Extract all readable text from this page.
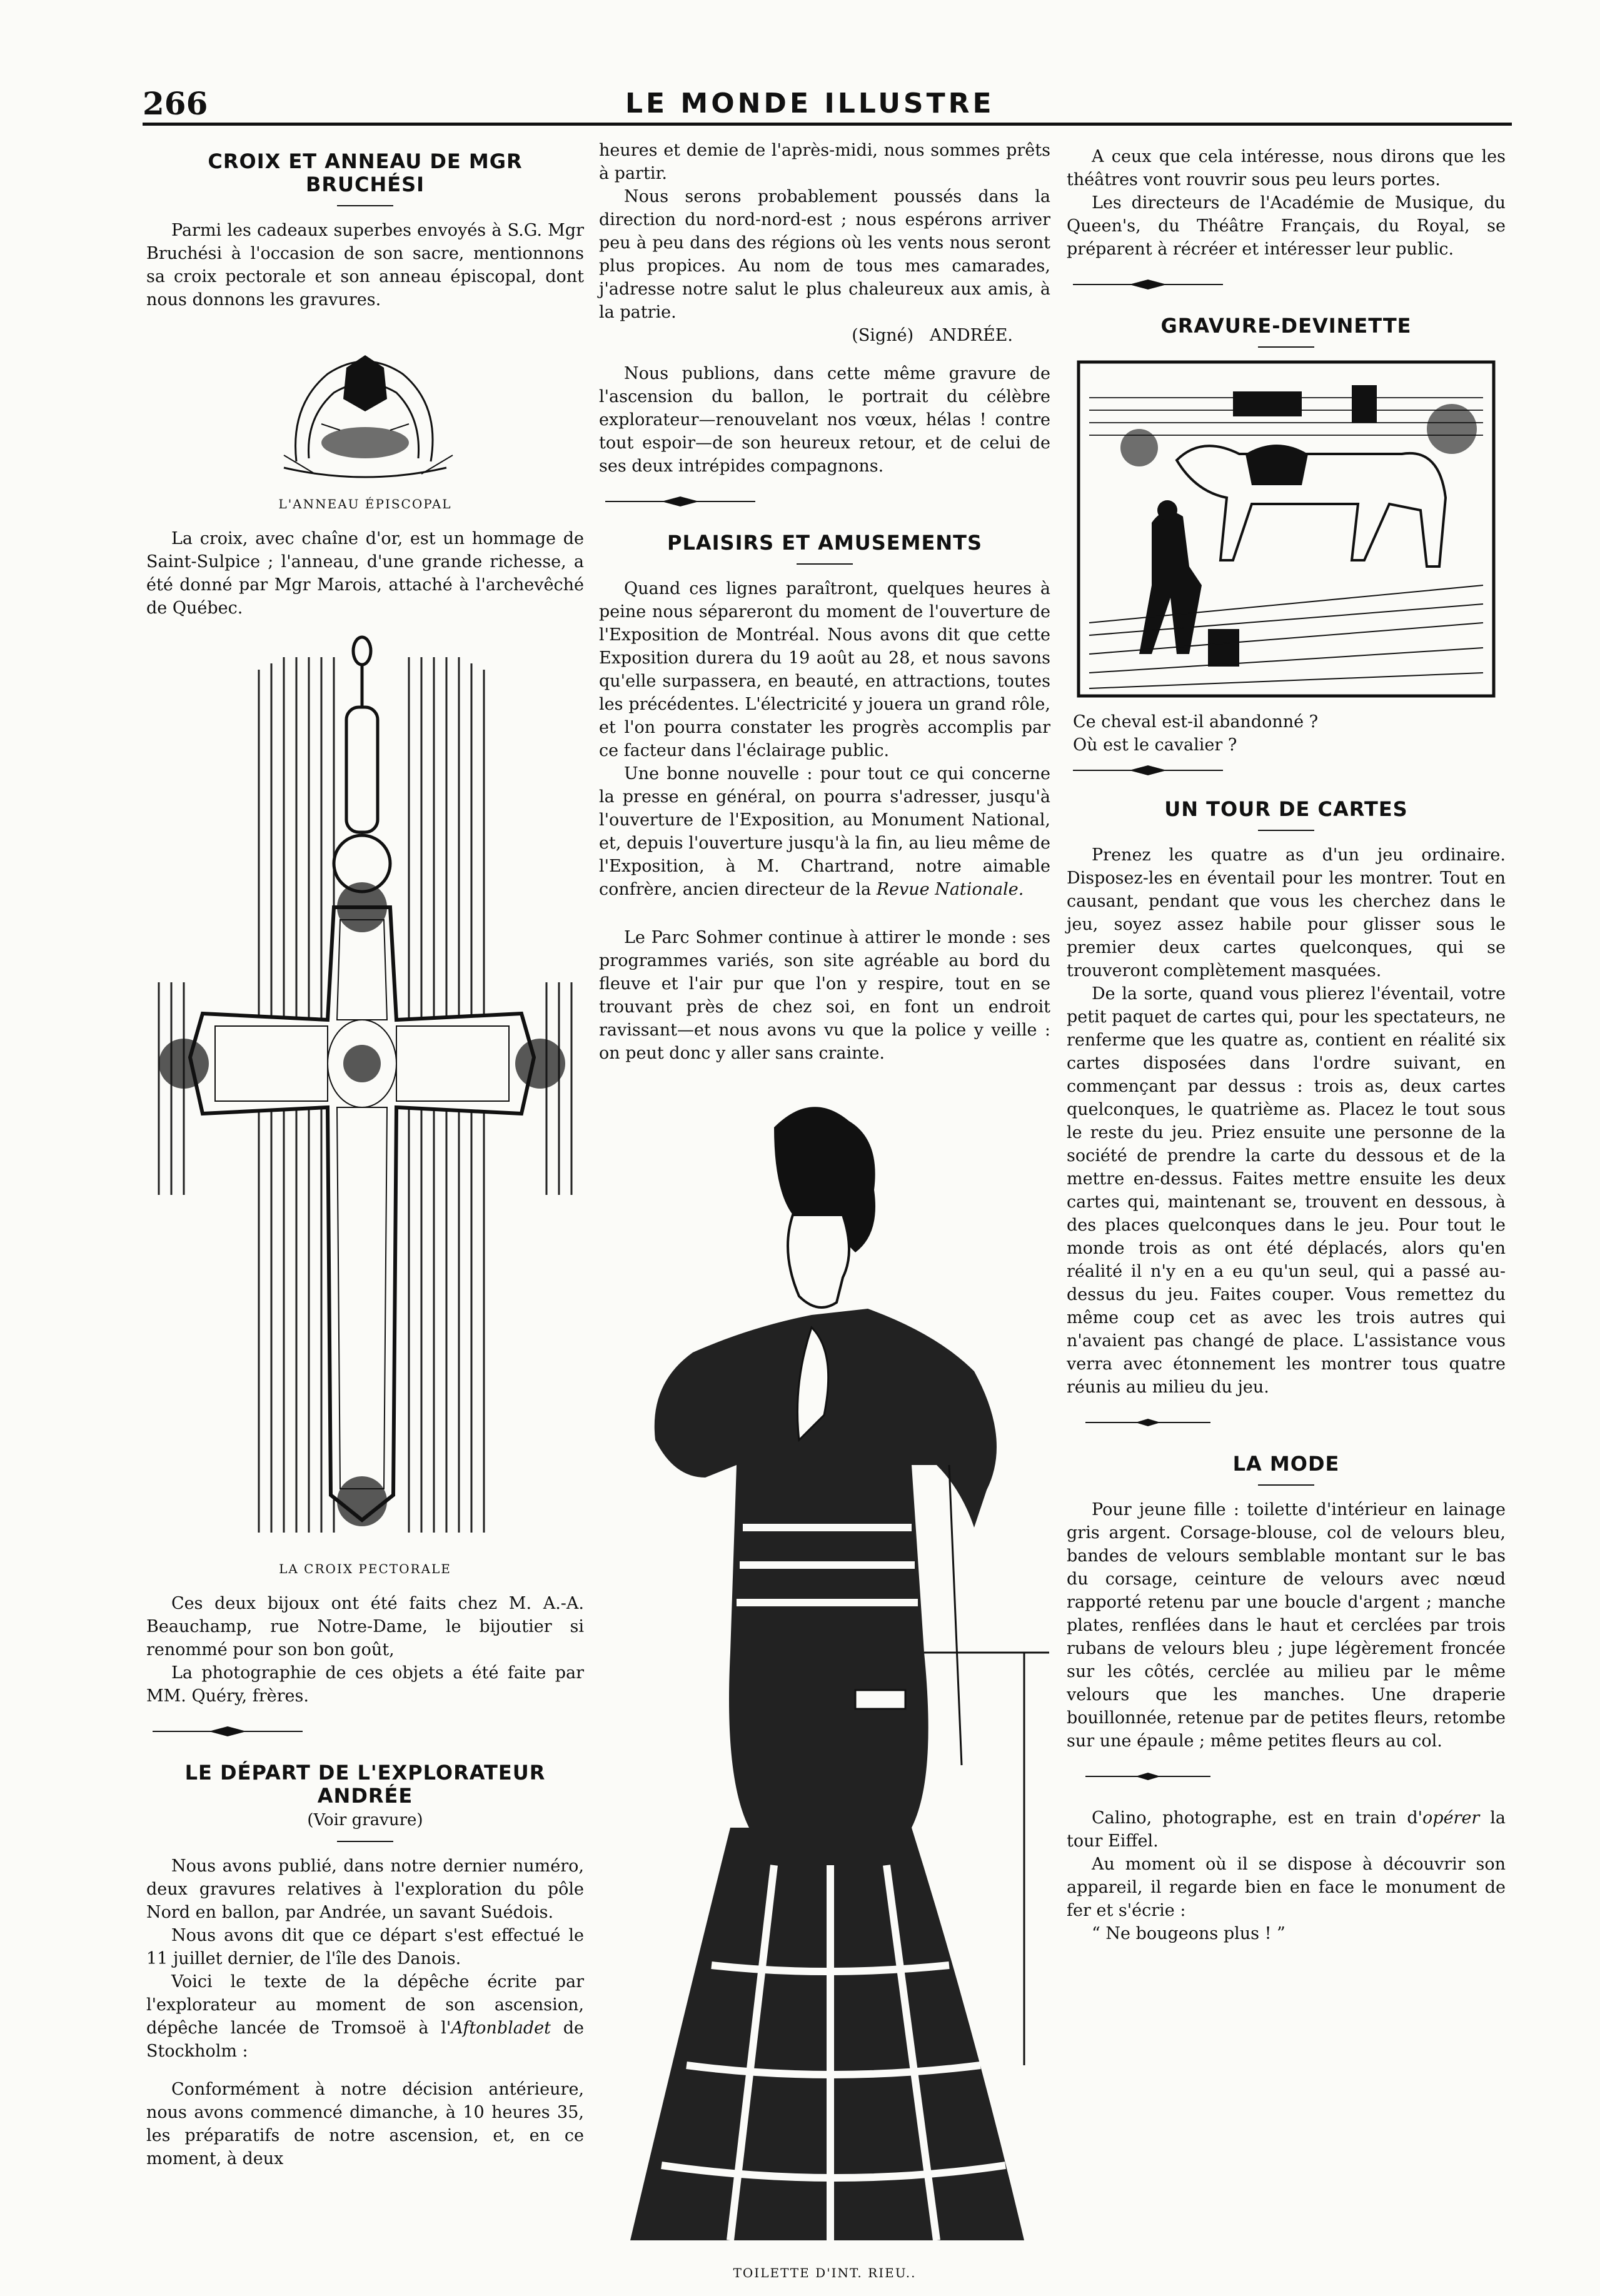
266	LE MONDE ILLUSTRE
CROIX ET ANNEAU DE MGR BRUCHÉSI

Parmi les cadeaux superbes envoyés à S.G. Mgr Bruchési à l'occasion de son sacre, mentionnons sa croix pectorale et son anneau épiscopal, dont nous donnons les gravures.

L'ANNEAU ÉPISCOPAL

La croix, avec chaîne d'or, est un hommage de Saint-Sulpice ; l'anneau, d'une grande richesse, a été donné par Mgr Marois, attaché à l'archevêché de Québec.

LA CROIX PECTORALE

Ces deux bijoux ont été faits chez M. A.-A. Beauchamp, rue Notre-Dame, le bijoutier si renommé pour son bon goût,

La photographie de ces objets a été faite par MM. Quéry, frères.

LE DÉPART DE L'EXPLORATEUR ANDRÉE
(Voir gravure)

Nous avons publié, dans notre dernier numéro, deux gravures relatives à l'exploration du pôle Nord en ballon, par Andrée, un savant Suédois.

Nous avons dit que ce départ s'est effectué le 11 juillet dernier, de l'île des Danois.

Voici le texte de la dépêche écrite par l'explorateur au moment de son ascension, dépêche lancée de Tromsoë à l'Aftonbladet de Stockholm :

Conformément à notre décision antérieure, nous avons commencé dimanche, à 10 heures 35, les préparatifs de notre ascension, et, en ce moment, à deux

heures et demie de l'après-midi, nous sommes prêts à partir.

Nous serons probablement poussés dans la direction du nord-nord-est ; nous espérons arriver peu à peu dans des régions où les vents nous seront plus propices. Au nom de tous mes camarades, j'adresse notre salut le plus chaleureux aux amis, à la patrie.

(Signé) ANDRÉE.

Nous publions, dans cette même gravure de l'ascension du ballon, le portrait du célèbre explorateur—renouvelant nos vœux, hélas ! contre tout espoir—de son heureux retour, et de celui de ses deux intrépides compagnons.

PLAISIRS ET AMUSEMENTS

Quand ces lignes paraîtront, quelques heures à peine nous sépareront du moment de l'ouverture de l'Exposition de Montréal. Nous avons dit que cette Exposition durera du 19 août au 28, et nous savons qu'elle surpassera, en beauté, en attractions, toutes les précédentes. L'électricité y jouera un grand rôle, et l'on pourra constater les progrès accomplis par ce facteur dans l'éclairage public.

Une bonne nouvelle : pour tout ce qui concerne la presse en général, on pourra s'adresser, jusqu'à l'ouverture de l'Exposition, au Monument National, et, depuis l'ouverture jusqu'à la fin, au lieu même de l'Exposition, à M. Chartrand, notre aimable confrère, ancien directeur de la Revue Nationale.

Le Parc Sohmer continue à attirer le monde : ses programmes variés, son site agréable au bord du fleuve et l'air pur que l'on y respire, tout en se trouvant près de chez soi, en font un endroit ravissant—et nous avons vu que la police y veille : on peut donc y aller sans crainte.

TOILETTE D'INT. RIEU..

A ceux que cela intéresse, nous dirons que les théâtres vont rouvrir sous peu leurs portes.

Les directeurs de l'Académie de Musique, du Queen's, du Théâtre Français, du Royal, se préparent à récréer et intéresser leur public.

GRAVURE-DEVINETTE

Ce cheval est-il abandonné ?

Où est le cavalier ?

UN TOUR DE CARTES

Prenez les quatre as d'un jeu ordinaire. Disposez-les en éventail pour les montrer. Tout en causant, pendant que vous les cherchez dans le jeu, soyez assez habile pour glisser sous le premier deux cartes quelconques, qui se trouveront complètement masquées.

De la sorte, quand vous plierez l'éventail, votre petit paquet de cartes qui, pour les spectateurs, ne renferme que les quatre as, contient en réalité six cartes disposées dans l'ordre suivant, en commençant par dessus : trois as, deux cartes quelconques, le quatrième as. Placez le tout sous le reste du jeu. Priez ensuite une personne de la société de prendre la carte du dessous et de la mettre en-dessus. Faites mettre ensuite les deux cartes qui, maintenant se, trouvent en dessous, à des places quelconques dans le jeu. Pour tout le monde trois as ont été déplacés, alors qu'en réalité il n'y en a eu qu'un seul, qui a passé au-dessus du jeu. Faites couper. Vous remettez du même coup cet as avec les trois autres qui n'avaient pas changé de place. L'assistance vous verra avec étonnement les montrer tous quatre réunis au milieu du jeu.

LA MODE

Pour jeune fille : toilette d'intérieur en lainage gris argent. Corsage-blouse, col de velours bleu, bandes de velours semblable montant sur le bas du corsage, ceinture de velours avec nœud rapporté retenu par une boucle d'argent ; manche plates, renflées dans le haut et cerclées par trois rubans de velours bleu ; jupe légèrement froncée sur les côtés, cerclée au milieu par le même velours que les manches. Une draperie bouillonnée, retenue par de petites fleurs, retombe sur une épaule ; même petites fleurs au col.

Calino, photographe, est en train d'opérer la tour Eiffel.

Au moment où il se dispose à découvrir son appareil, il regarde bien en face le monument de fer et s'écrie :

“ Ne bougeons plus ! ”
